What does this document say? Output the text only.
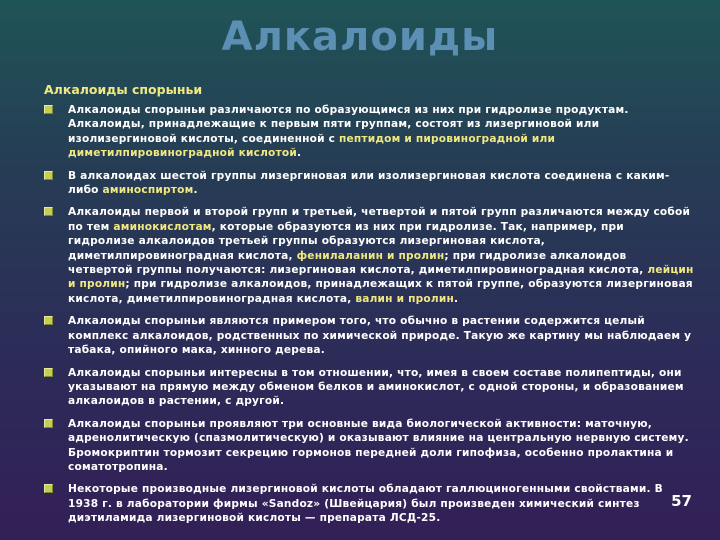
Алкалоиды
Алкалоиды спорыньи
Алкалоиды спорыньи различаются по образующимся из них при гидролизе продуктам. Алкалоиды, принадлежащие к первым пяти группам, состоят из лизергиновой или изолизергиновой кислоты, соединенной с пептидом и пировиноградной или диметилпировиноградной кислотой.
В алкалоидах шестой группы лизергиновая или изолизергиновая кислота соединена с каким-либо аминоспиртом.
Алкалоиды первой и второй групп и третьей, четвертой и пятой групп различаются между собой по тем аминокислотам, которые образуются из них при гидролизе. Так, например, при гидролизе алкалоидов третьей группы образуются лизергиновая кислота, диметилпировиноградная кислота, фенилаланин и пролин; при гидролизе алкалоидов четвертой группы получаются: лизергиновая кислота, диметилпировиноградная кислота, лейцин и пролин; при гидролизе алкалоидов, принадлежащих к пятой группе, образуются лизергиновая кислота, диметилпировиноградная кислота, валин и пролин.
Алкалоиды спорыньи являются примером того, что обычно в растении содержится целый комплекс алкалоидов, родственных по химической природе. Такую же картину мы наблюдаем у табака, опийного мака, хинного дерева.
Алкалоиды спорыньи интересны в том отношении, что, имея в своем составе полипептиды, они указывают на прямую между обменом белков и аминокислот, с одной стороны, и образованием алкалоидов в растении, с другой.
Алкалоиды спорыньи проявляют три основные вида биологической активности: маточную, адренолитическую (спазмолитическую) и оказывают влияние на центральную нервную систему. Бромокриптин тормозит секрецию гормонов передней доли гипофиза, особенно пролактина и соматотропина.
Некоторые производные лизергиновой кислоты обладают галлюциногенными свойствами. В 1938 г. в лаборатории фирмы «Sandoz» (Швейцария) был произведен химический синтез диэтиламида лизергиновой кислоты — препарата ЛСД-25.
57
